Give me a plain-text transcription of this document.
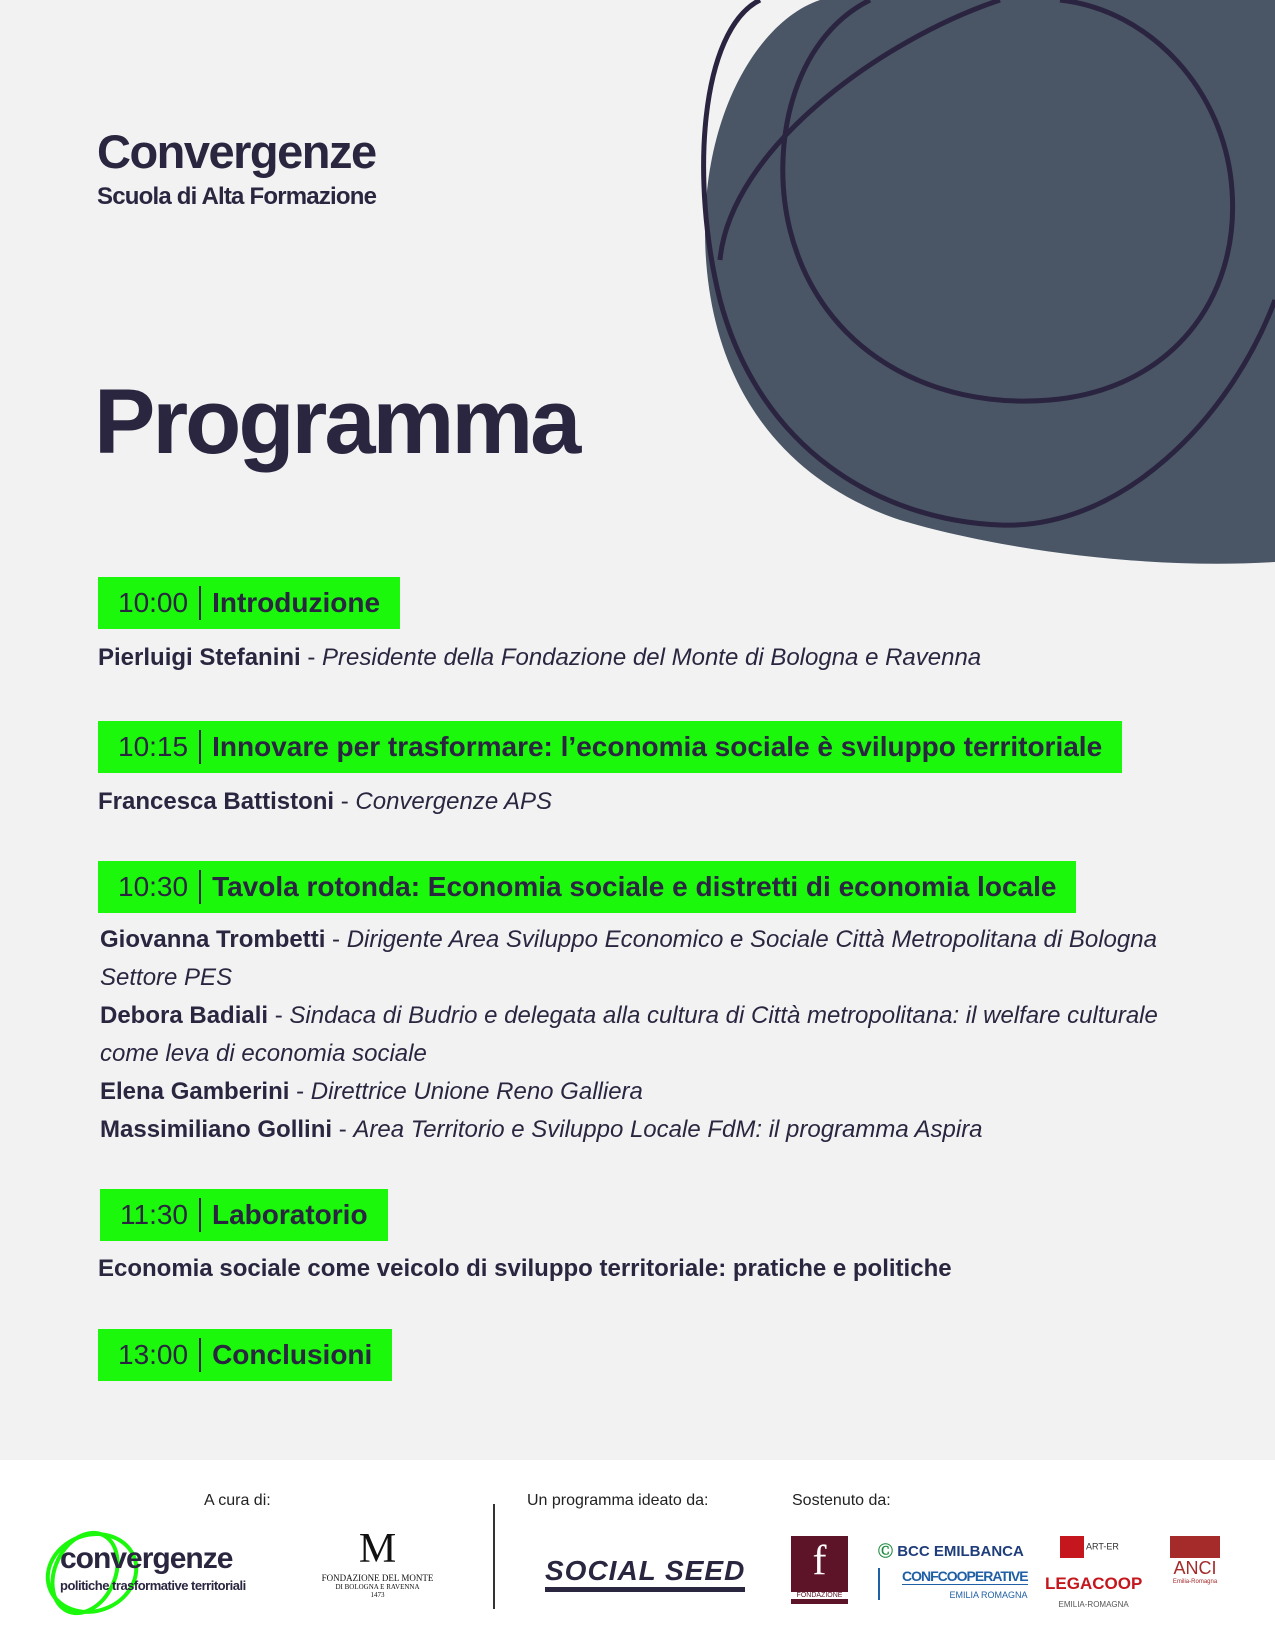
Convergenze
Scuola di Alta Formazione
Programma
10:00 Introduzione
Pierluigi Stefanini - Presidente della Fondazione del Monte di Bologna e Ravenna
10:15 Innovare per trasformare: l’economia sociale è sviluppo territoriale
Francesca Battistoni - Convergenze APS
10:30 Tavola rotonda: Economia sociale e distretti di economia locale
Giovanna Trombetti - Dirigente Area Sviluppo Economico e Sociale Città Metropolitana di Bologna Settore PES
Debora Badiali - Sindaca di Budrio e delegata alla cultura di Città metropolitana: il welfare culturale come leva di economia sociale
Elena Gamberini - Direttrice Unione Reno Galliera
Massimiliano Gollini - Area Territorio e Sviluppo Locale FdM: il programma Aspira
11:30 Laboratorio
Economia sociale come veicolo di sviluppo territoriale: pratiche e politiche
13:00 Conclusioni
A cura di:	Un programma ideato da:	Sostenuto da:
convergenze
politiche trasformative territoriali
M
FONDAZIONE DEL MONTE
DI BOLOGNA E RAVENNA
1473
SOCIAL SEED	f
FONDAZIONE
Ⓒ BCC EMILBANCA
CONFCOOPERATIVE
EMILIA ROMAGNA
ART-ER
LEGACOOP
EMILIA-ROMAGNA
ANCI
Emilia-Romagna
